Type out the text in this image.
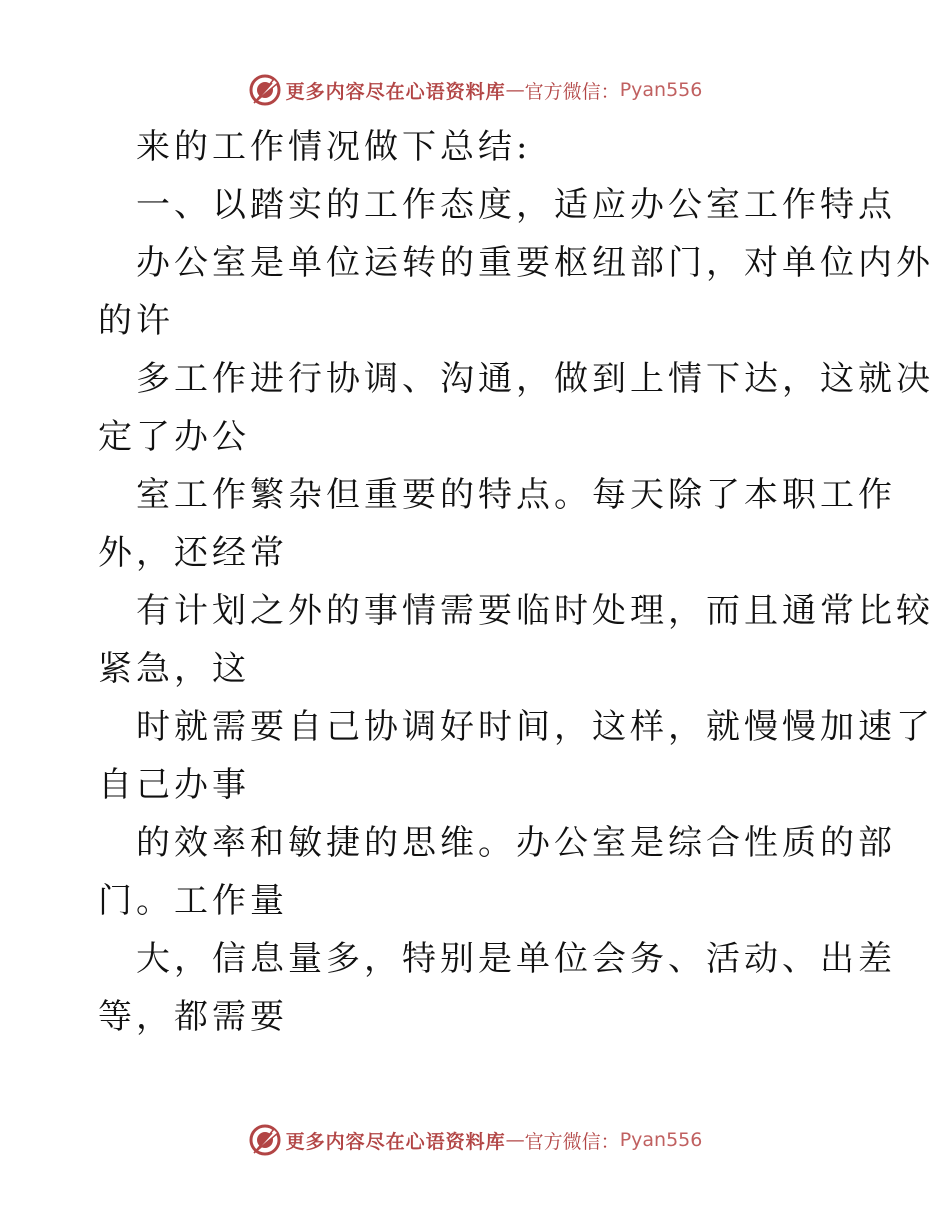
更多内容尽在心语资料库 — 官方微信： Pyan556
来的工作情况做下总结:
一、以踏实的工作态度，适应办公室工作特点
办公室是单位运转的重要枢纽部门，对单位内外
的许
多工作进行协调、沟通，做到上情下达，这就决
定了办公
室工作繁杂但重要的特点。每天除了本职工作
外，还经常
有计划之外的事情需要临时处理，而且通常比较
紧急，这
时就需要自己协调好时间，这样，就慢慢加速了
自己办事
的效率和敏捷的思维。办公室是综合性质的部
门。工作量
大，信息量多，特别是单位会务、活动、出差
等，都需要
更多内容尽在心语资料库 — 官方微信： Pyan556
